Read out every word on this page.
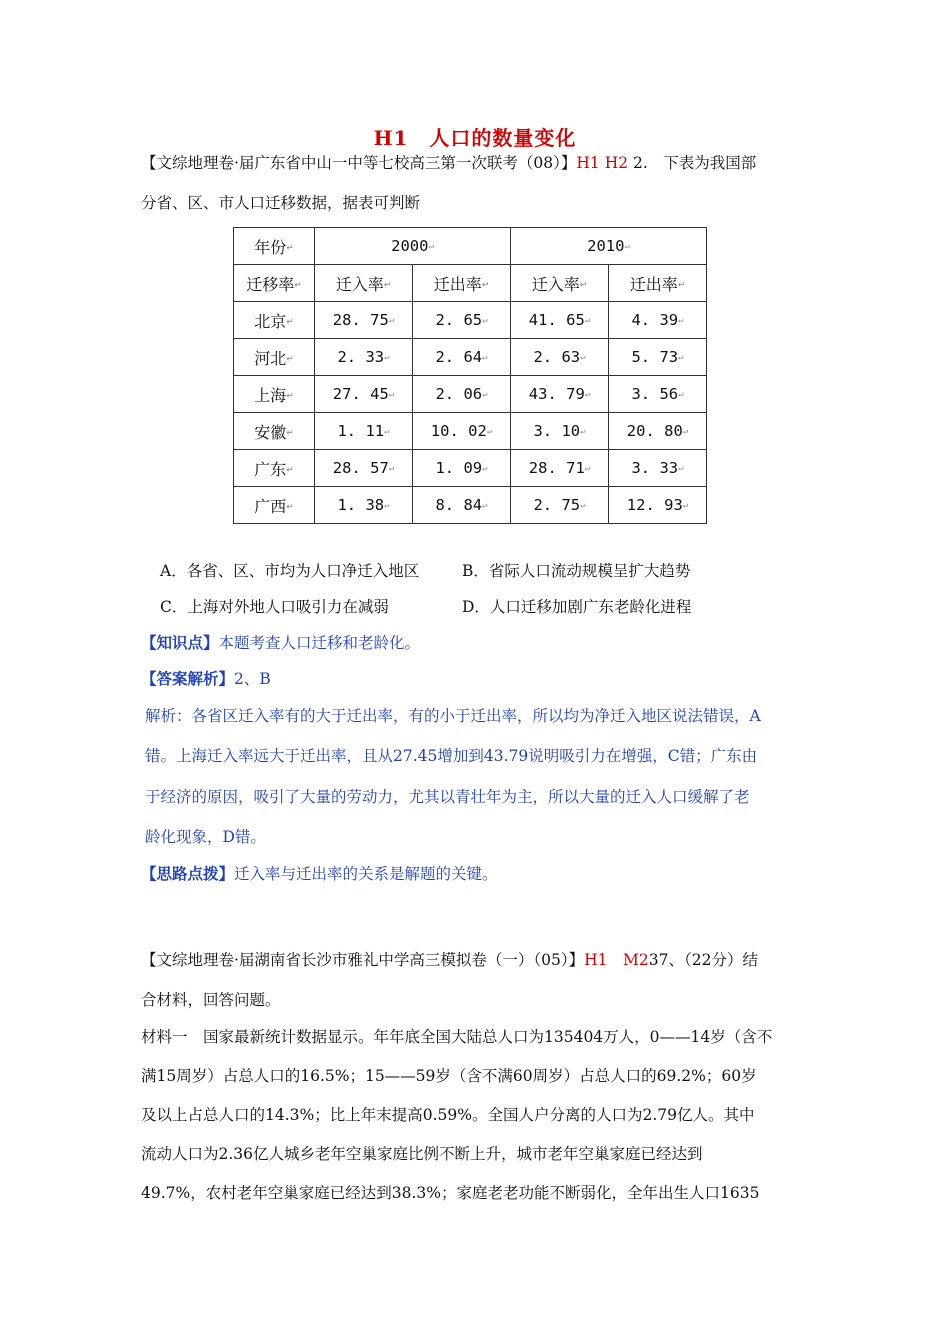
H1　人口的数量变化
【文综地理卷·届广东省中山一中等七校高三第一次联考（08）】H1 H2 2.　下表为我国部
分省、区、市人口迁移数据，据表可判断
年份↵	2000↵		2010↵	
迁移率↵	迁入率↵	迁出率↵	迁入率↵	迁出率↵
北京↵	28. 75↵	2. 65↵	41. 65↵	4. 39↵
河北↵	2. 33↵	2. 64↵	2. 63↵	5. 73↵
上海↵	27. 45↵	2. 06↵	43. 79↵	3. 56↵
安徽↵	1. 11↵	10. 02↵	3. 10↵	20. 80↵
广东↵	28. 57↵	1. 09↵	28. 71↵	3. 33↵
广西↵	1. 38↵	8. 84↵	2. 75↵	12. 93↵
A．各省、区、市均为人口净迁入地区	B．省际人口流动规模呈扩大趋势
C．上海对外地人口吸引力在减弱	D．人口迁移加剧广东老龄化进程
【知识点】本题考查人口迁移和老龄化。
【答案解析】2、B
解析：各省区迁入率有的大于迁出率，有的小于迁出率，所以均为净迁入地区说法错误，A
错。上海迁入率远大于迁出率，且从27.45增加到43.79说明吸引力在增强，C错；广东由
于经济的原因，吸引了大量的劳动力，尤其以青壮年为主，所以大量的迁入人口缓解了老
龄化现象，D错。
【思路点拨】迁入率与迁出率的关系是解题的关键。
【文综地理卷·届湖南省长沙市雅礼中学高三模拟卷（一）（05）】H1　M237、（22分）结
合材料，回答问题。
材料一　国家最新统计数据显示。年年底全国大陆总人口为135404万人，0——14岁（含不
满15周岁）占总人口的16.5%；15——59岁（含不满60周岁）占总人口的69.2%；60岁
及以上占总人口的14.3%；比上年末提高0.59%。全国人户分离的人口为2.79亿人。其中
流动人口为2.36亿人城乡老年空巢家庭比例不断上升，城市老年空巢家庭已经达到
49.7%，农村老年空巢家庭已经达到38.3%；家庭老老功能不断弱化，全年出生人口1635
